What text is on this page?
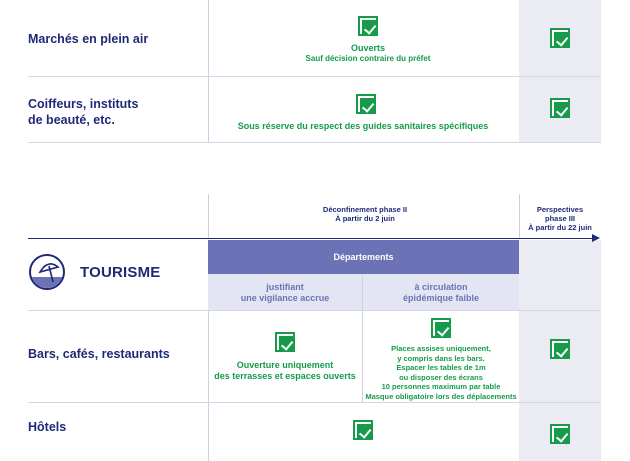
Marchés en plein air
Ouverts
Sauf décision contraire du préfet
Coiffeurs, instituts
de beauté, etc.	Sous réserve du respect des guides sanitaires spécifiques
Déconfinement phase II
À partir du 2 juin
Perspectives
phase III
À partir du 22 juin
Départements
justifiant
une vigilance accrue
à circulation
épidémique faible
TOURISME
Bars, cafés, restaurants
Ouverture uniquement
des terrasses et espaces ouverts
Places assises uniquement,
y compris dans les bars.
Espacer les tables de 1m
ou disposer des écrans
10 personnes maximum par table
Masque obligatoire lors des déplacements
Hôtels
